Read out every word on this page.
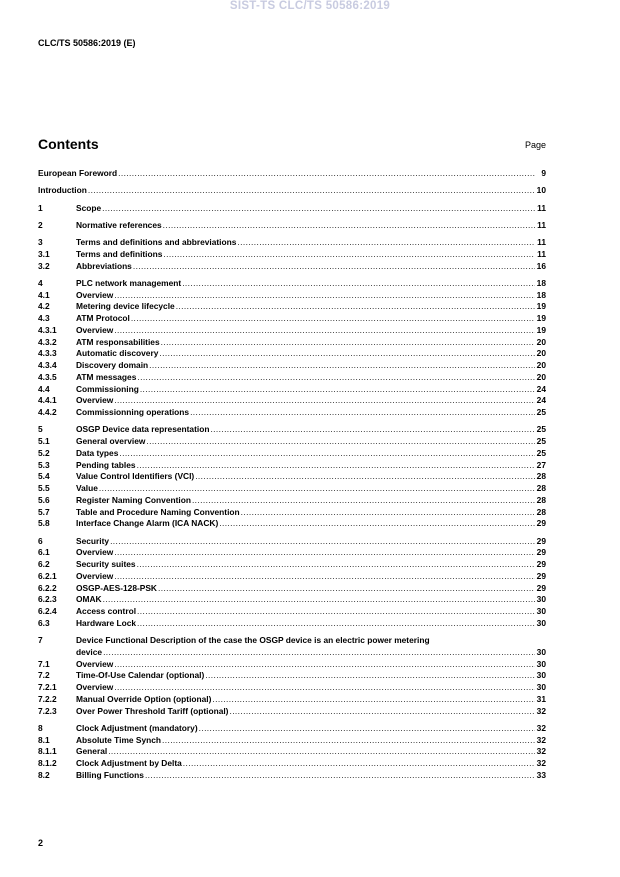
SIST-TS CLC/TS 50586:2019
CLC/TS 50586:2019 (E)
Contents	Page
European Foreword .....	9
Introduction .....	10
1	Scope .....	11
2	Normative references .....	11
3	Terms and definitions and abbreviations .....	11
3.1	Terms and definitions .....	11
3.2	Abbreviations .....	16
4	PLC network management .....	18
4.1	Overview .....	18
4.2	Metering device lifecycle .....	19
4.3	ATM Protocol .....	19
4.3.1	Overview .....	19
4.3.2	ATM responsabilities .....	20
4.3.3	Automatic discovery .....	20
4.3.4	Discovery domain .....	20
4.3.5	ATM messages .....	20
4.4	Commissioning .....	24
4.4.1	Overview .....	24
4.4.2	Commissionning operations .....	25
5	OSGP Device data representation .....	25
5.1	General overview .....	25
5.2	Data types .....	25
5.3	Pending tables .....	27
5.4	Value Control Identifiers (VCI) .....	28
5.5	Value .....	28
5.6	Register Naming Convention .....	28
5.7	Table and Procedure Naming Convention .....	28
5.8	Interface Change Alarm (ICA NACK) .....	29
6	Security .....	29
6.1	Overview .....	29
6.2	Security suites .....	29
6.2.1	Overview .....	29
6.2.2	OSGP-AES-128-PSK .....	29
6.2.3	OMAK .....	30
6.2.4	Access control .....	30
6.3	Hardware Lock .....	30
7	Device Functional Description of the case the OSGP device is an electric power metering
device .....	30
7.1	Overview .....	30
7.2	Time-Of-Use Calendar (optional) .....	30
7.2.1	Overview .....	30
7.2.2	Manual Override Option (optional) .....	31
7.2.3	Over Power Threshold Tariff (optional) .....	32
8	Clock Adjustment (mandatory) .....	32
8.1	Absolute Time Synch .....	32
8.1.1	General .....	32
8.1.2	Clock Adjustment by Delta .....	32
8.2	Billing Functions .....	33
2
